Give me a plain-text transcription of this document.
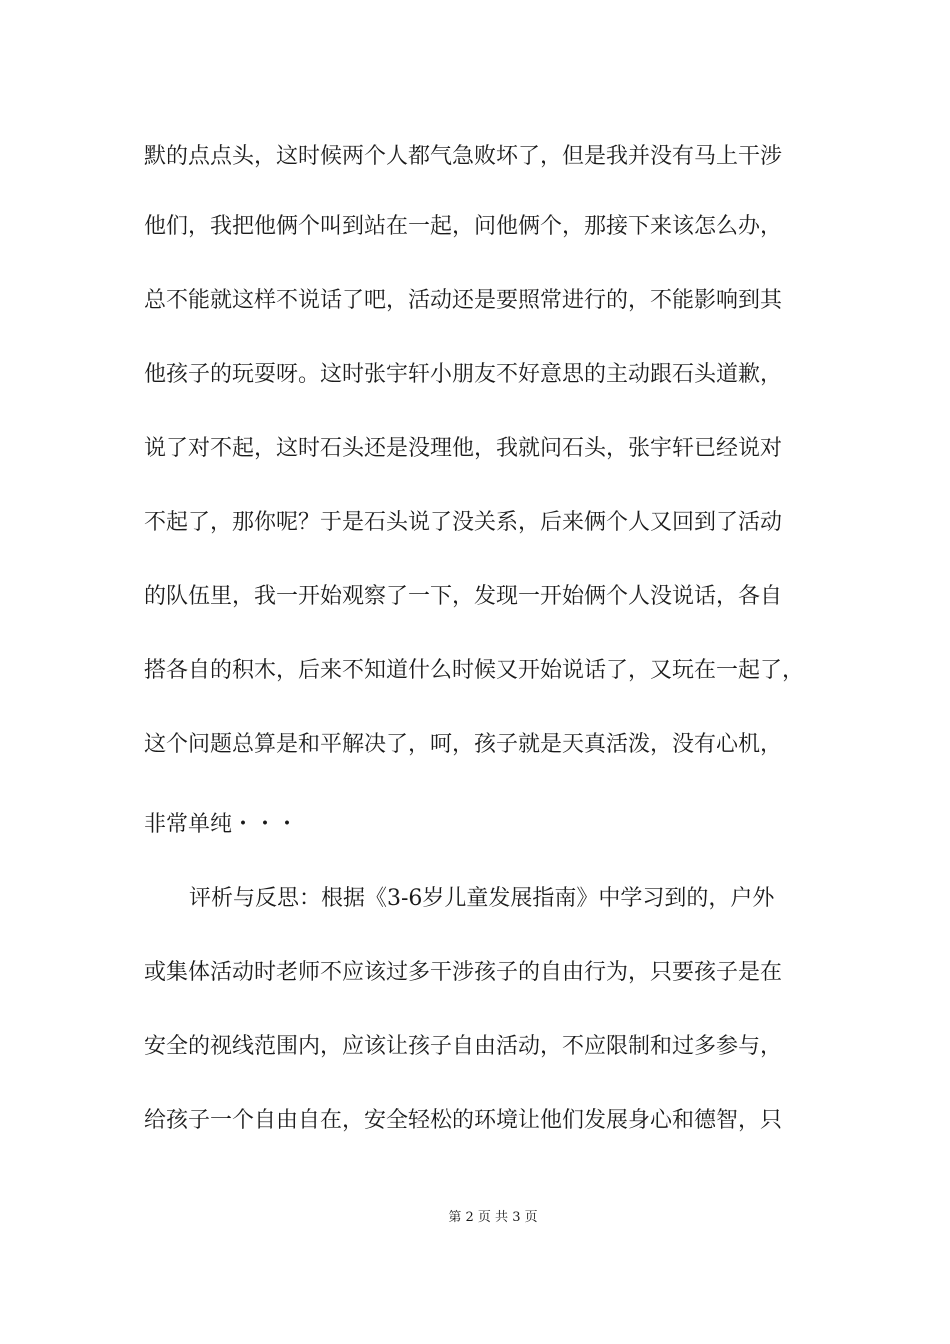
默的点点头，这时候两个人都气急败坏了，但是我并没有马上干涉
他们，我把他俩个叫到站在一起，问他俩个，那接下来该怎么办，
总不能就这样不说话了吧，活动还是要照常进行的，不能影响到其
他孩子的玩耍呀。这时张宇轩小朋友不好意思的主动跟石头道歉，
说了对不起，这时石头还是没理他，我就问石头，张宇轩已经说对
不起了，那你呢？于是石头说了没关系，后来俩个人又回到了活动
的队伍里，我一开始观察了一下，发现一开始俩个人没说话，各自
搭各自的积木，后来不知道什么时候又开始说话了，又玩在一起了，
这个问题总算是和平解决了，呵，孩子就是天真活泼，没有心机，
非常单纯・・・
评析与反思：根据《3-6岁儿童发展指南》中学习到的，户外
或集体活动时老师不应该过多干涉孩子的自由行为，只要孩子是在
安全的视线范围内，应该让孩子自由活动，不应限制和过多参与，
给孩子一个自由自在，安全轻松的环境让他们发展身心和德智，只
第 2 页 共 3 页
